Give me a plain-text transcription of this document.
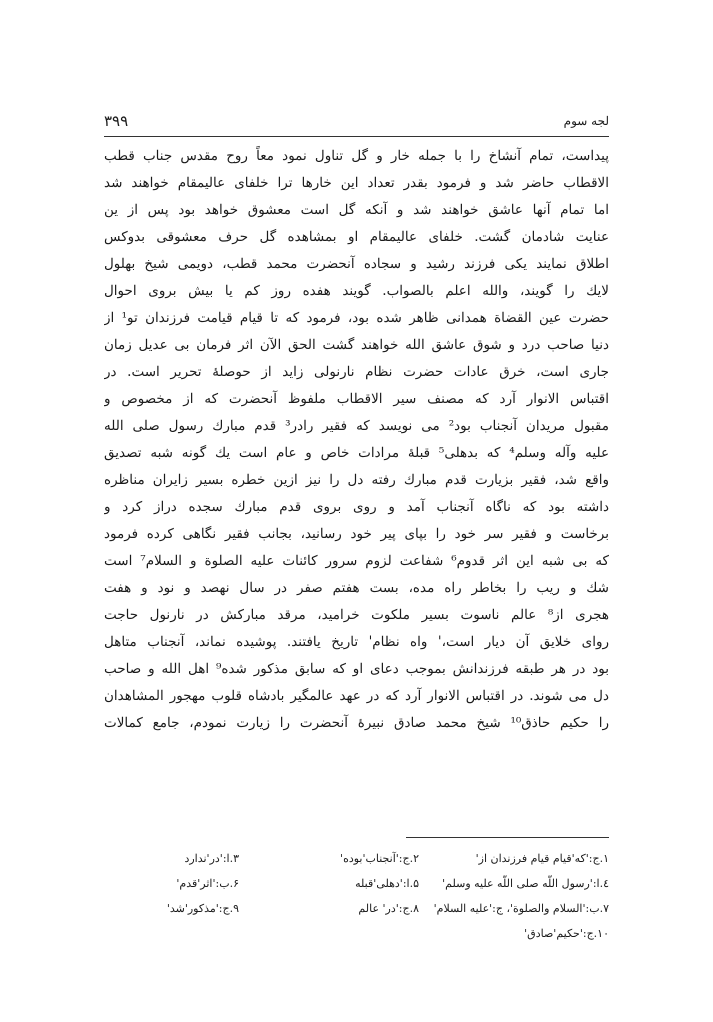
۳۹۹	لجه سوم
پیداست، تمام آنشاخ را با جمله خار و گل تناول نمود معاً روح مقدس جناب قطب
الاقطاب حاضر شد و فرمود بقدر تعداد این خارها ترا خلفای عالیمقام خواهند شد
اما تمام آنها عاشق خواهند شد و آنکه گل است معشوق خواهد بود پس از ین
عنایت شادمان گشت. خلفای عالیمقام او بمشاهده گل حرف معشوقی بدوکس
اطلاق نمایند یکی فرزند رشید و سجاده آنحضرت محمد قطب، دویمی شیخ بهلول
لایك را گویند، والله اعلم بالصواب. گویند هفده روز کم یا بیش بروی احوال
حضرت عین القضاة همدانی ظاهر شده بود، فرمود که تا قیام قیامت فرزندان تو¹ از
دنیا صاحب درد و شوق عاشق الله خواهند گشت الحق الآن اثر فرمان بی عدیل زمان
جاری است، خرق عادات حضرت نظام نارنولی زاید از حوصلهٔ تحریر است. در
اقتباس الانوار آرد که مصنف سیر الاقطاب ملفوظ آنحضرت که از مخصوص و
مقبول مریدان آنجناب بود² می نویسد که فقیر رادر³ قدم مبارك رسول صلی الله
علیه وآله وسلم⁴ که بدهلی⁵ قبلهٔ مرادات خاص و عام است یك گونه شبه تصدیق
واقع شد، فقیر بزیارت قدم مبارك رفته دل را نیز ازین خطره بسیر زایران مناظره
داشته بود که ناگاه آنجناب آمد و روی بروی قدم مبارك سجده دراز کرد و
برخاست و فقیر سر خود را بپای پیر خود رسانید، بجانب فقیر نگاهی کرده فرمود
که بی شبه این اثر قدوم⁶ شفاعت لزوم سرور کائنات علیه الصلوة و السلام⁷ است
شك و ریب را بخاطر راه مده، بست هفتم صفر در سال نهصد و نود و هفت
هجری از⁸ عالم ناسوت بسیر ملکوت خرامید، مرقد مبارکش در نارنول حاجت
روای خلایق آن دیار است،' واه نظام' تاریخ یافتند. پوشیده نماند، آنجناب متاهل
بود در هر طبقه فرزندانش بموجب دعای او که سابق مذکور شده⁹ اهل الله و صاحب
دل می شوند. در اقتباس الانوار آرد که در عهد عالمگیر بادشاه قلوب مهجور المشاهدان
را حکیم حاذق¹⁰ شیخ محمد صادق نبیرهٔ آنحضرت را زیارت نمودم، جامع کمالات
۱.ج:'که'قیام قیام فرزندان از'
۲.ج:'آنجناب'بوده'
۳.ا:'در'ندارد
٤.ا:'رسول اللّه صلی اللّه علیه وسلم'
۵.ا:'دهلی'قبله
۶.ب:'اثر'قدم'
۷.ب:'السلام والصلوة'، ج:'علیه السلام'
۸.ج:'در' عالم
۹.ج:'مذکور'شد'
۱۰.ج:'حکیم'صادق'
